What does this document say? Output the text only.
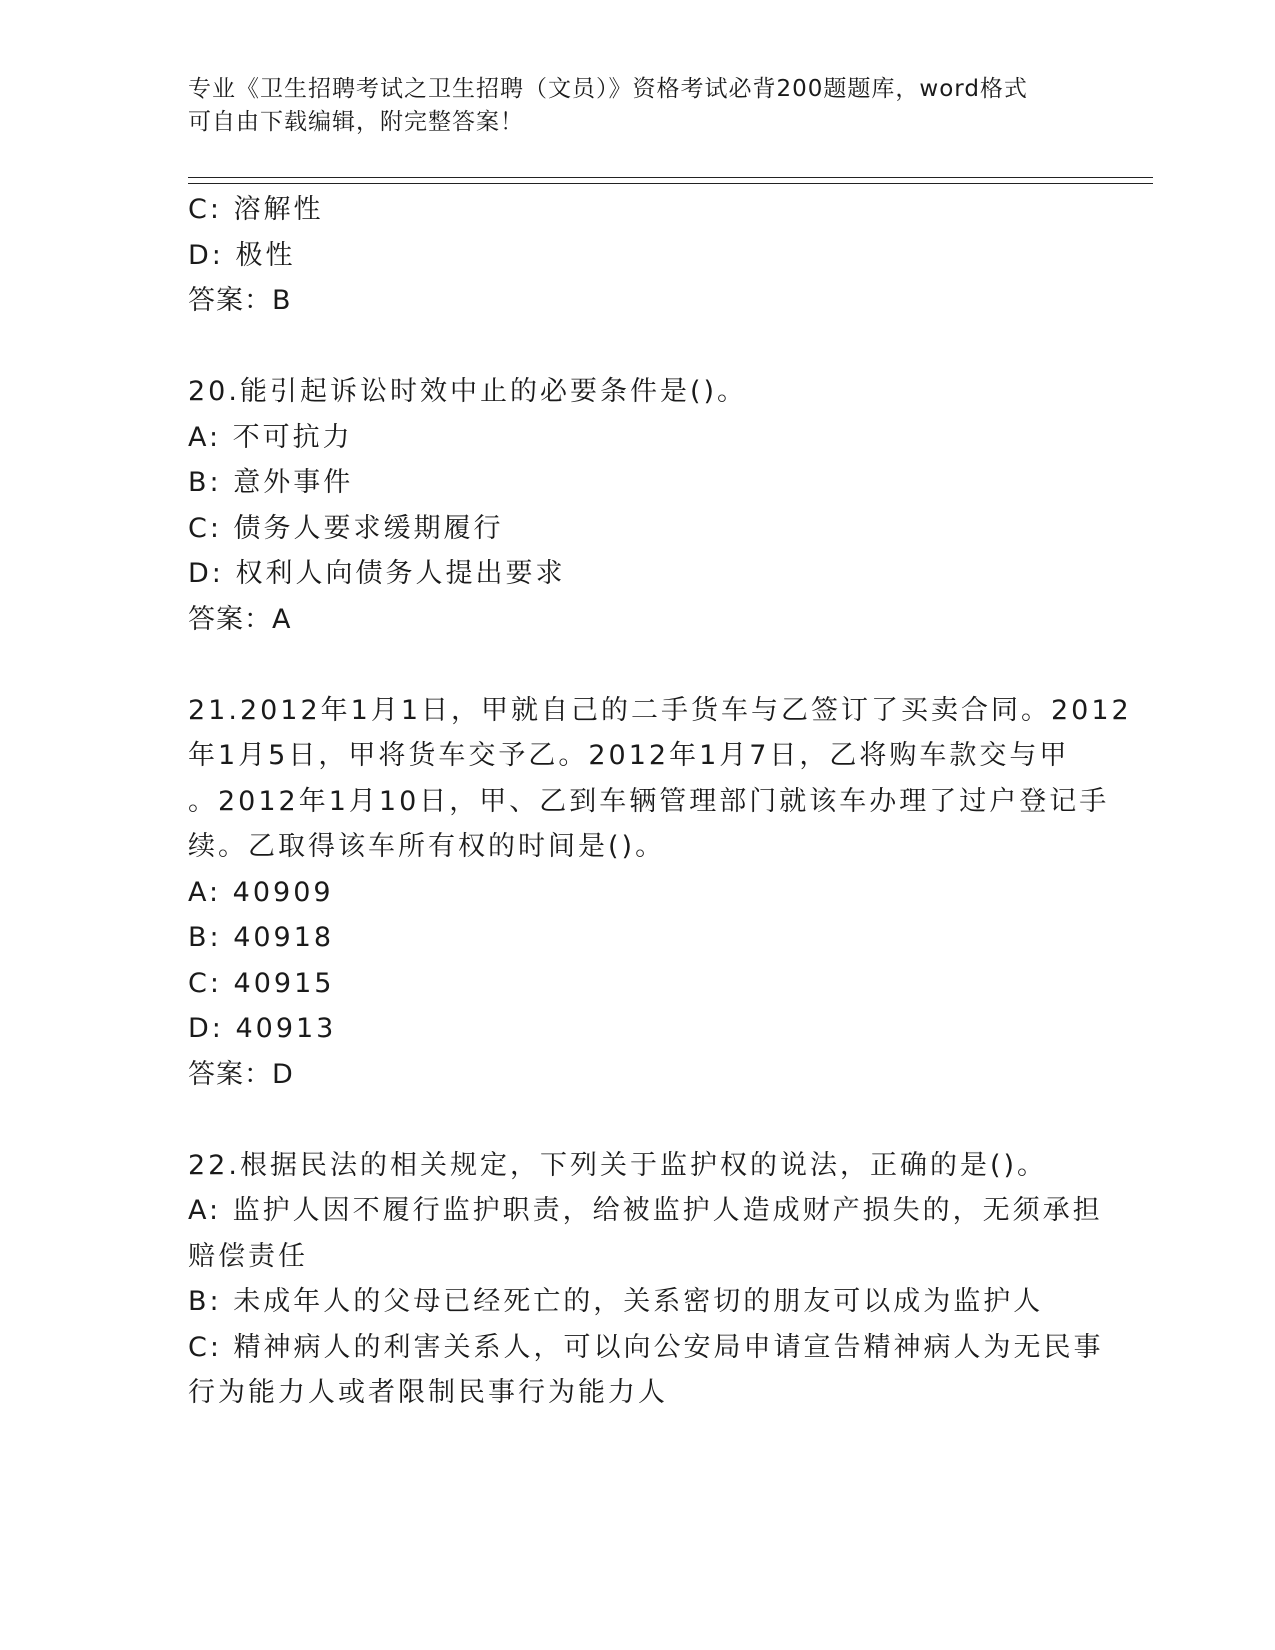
专业《卫生招聘考试之卫生招聘（文员）》资格考试必背200题题库，word格式
可自由下载编辑，附完整答案！
C: 溶解性
D: 极性
答案：B
20.能引起诉讼时效中止的必要条件是()。
A: 不可抗力
B: 意外事件
C: 债务人要求缓期履行
D: 权利人向债务人提出要求
答案：A
21.2012年1月1日，甲就自己的二手货车与乙签订了买卖合同。2012
年1月5日，甲将货车交予乙。2012年1月7日，乙将购车款交与甲
。2012年1月10日，甲、乙到车辆管理部门就该车办理了过户登记手
续。乙取得该车所有权的时间是()。
A: 40909
B: 40918
C: 40915
D: 40913
答案：D
22.根据民法的相关规定，下列关于监护权的说法，正确的是()。
A: 监护人因不履行监护职责，给被监护人造成财产损失的，无须承担
赔偿责任
B: 未成年人的父母已经死亡的，关系密切的朋友可以成为监护人
C: 精神病人的利害关系人，可以向公安局申请宣告精神病人为无民事
行为能力人或者限制民事行为能力人
